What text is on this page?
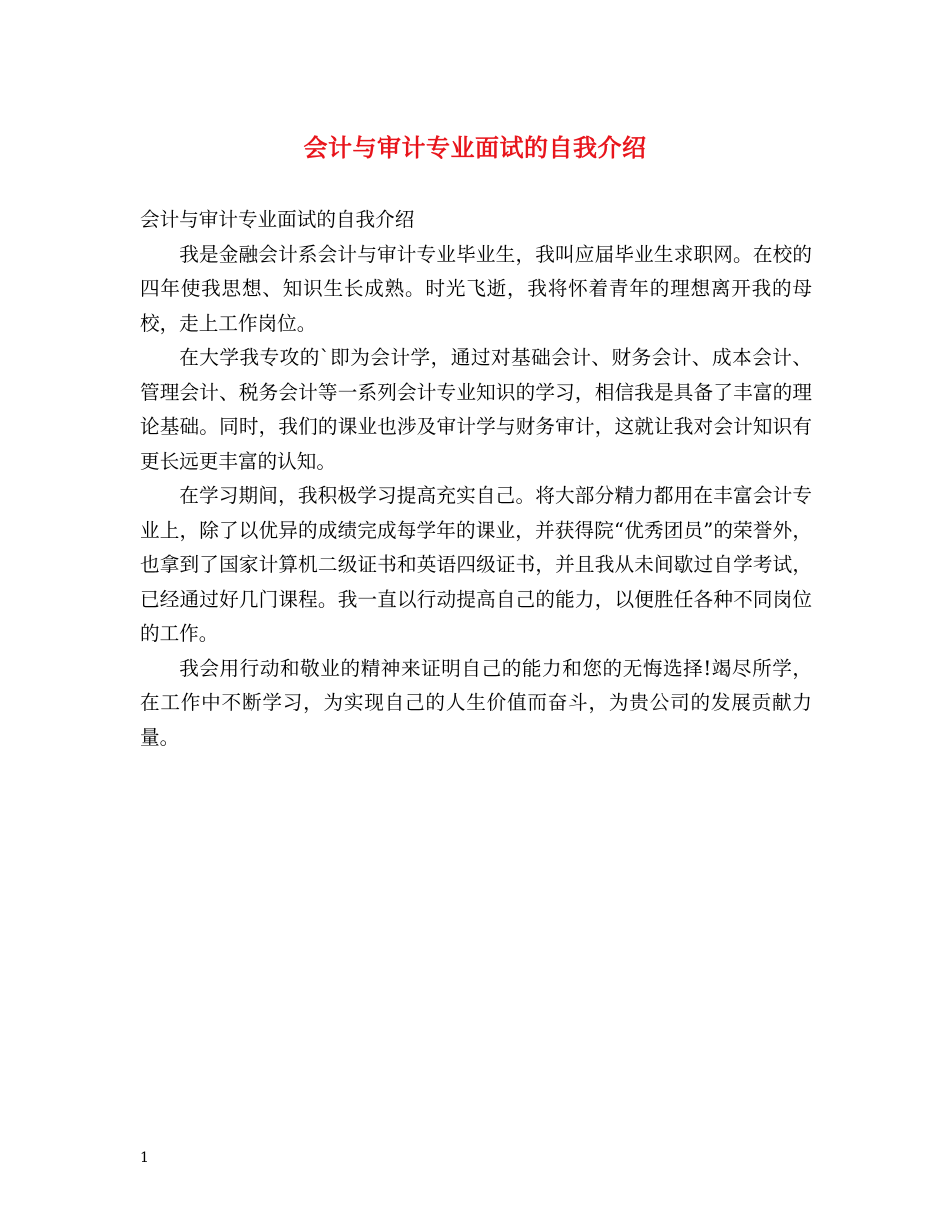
会计与审计专业面试的自我介绍

会计与审计专业面试的自我介绍

我是金融会计系会计与审计专业毕业生，我叫应届毕业生求职网。在校的四年使我思想、知识生长成熟。时光飞逝，我将怀着青年的理想离开我的母校，走上工作岗位。

在大学我专攻的`即为会计学，通过对基础会计、财务会计、成本会计、管理会计、税务会计等一系列会计专业知识的学习，相信我是具备了丰富的理论基础。同时，我们的课业也涉及审计学与财务审计，这就让我对会计知识有更长远更丰富的认知。

在学习期间，我积极学习提高充实自己。将大部分精力都用在丰富会计专业上，除了以优异的成绩完成每学年的课业，并获得院“优秀团员”的荣誉外，也拿到了国家计算机二级证书和英语四级证书，并且我从未间歇过自学考试，已经通过好几门课程。我一直以行动提高自己的能力，以便胜任各种不同岗位的工作。

我会用行动和敬业的精神来证明自己的能力和您的无悔选择!竭尽所学，在工作中不断学习，为实现自己的人生价值而奋斗，为贵公司的发展贡献力量。

1
